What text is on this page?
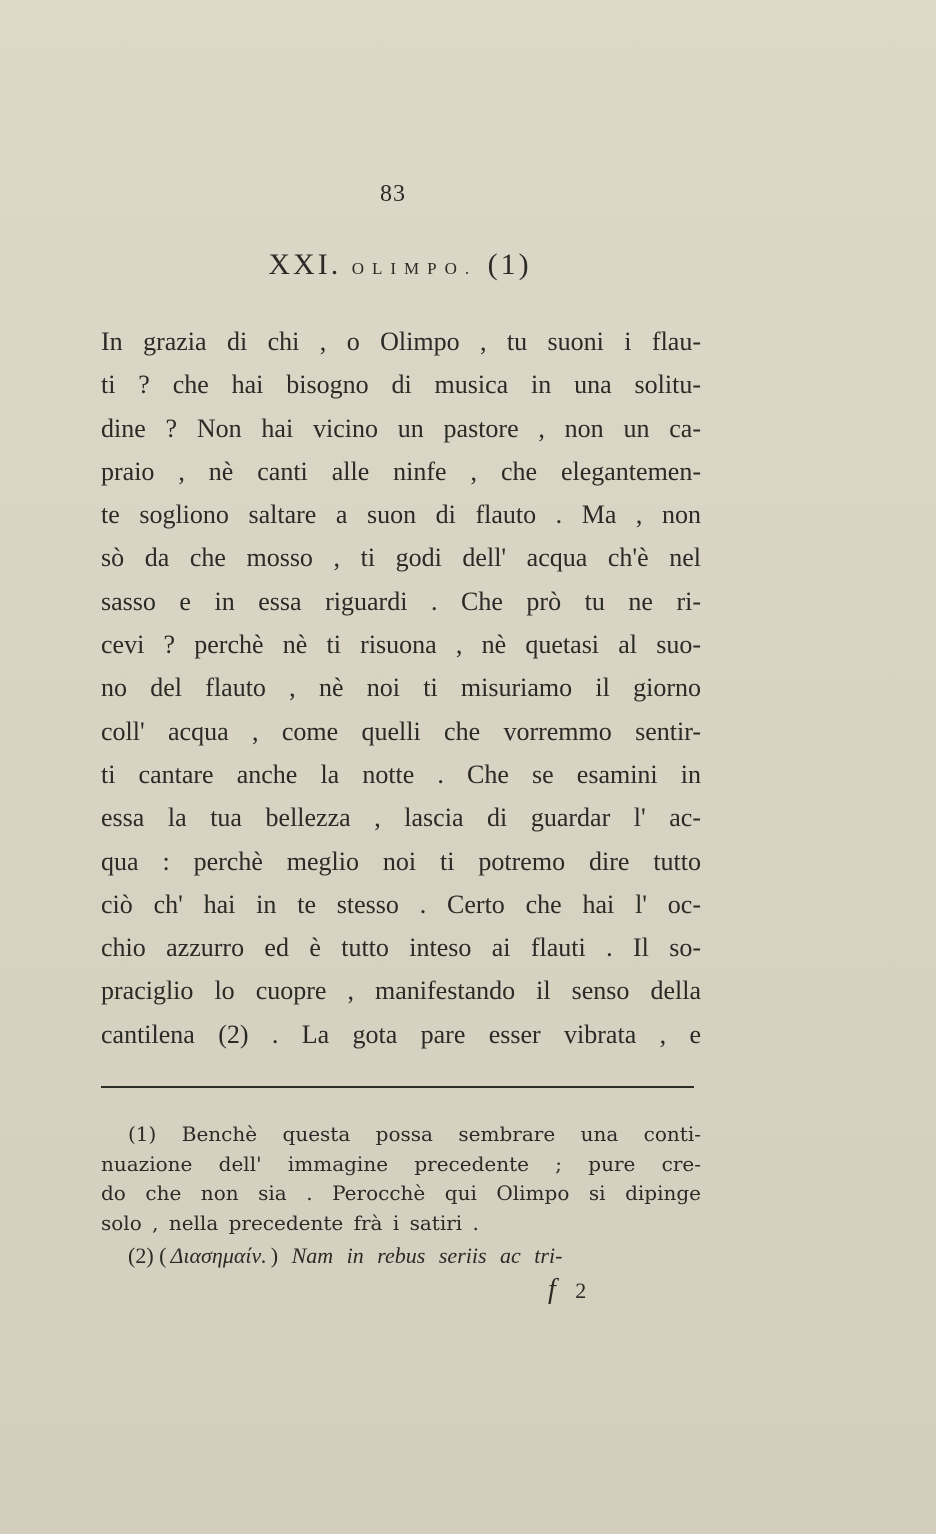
83
XXI. OLIMPO. (1)
In grazia di chi , o Olimpo , tu suoni i flau-
ti ? che hai bisogno di musica in una solitu-
dine ? Non hai vicino un pastore , non un ca-
praio , nè canti alle ninfe , che elegantemen-
te sogliono saltare a suon di flauto . Ma , non
sò da che mosso , ti godi dell' acqua ch'è nel
sasso e in essa riguardi . Che prò tu ne ri-
cevi ? perchè nè ti risuona , nè quetasi al suo-
no del flauto , nè noi ti misuriamo il giorno
coll' acqua , come quelli che vorremmo sentir-
ti cantare anche la notte . Che se esamini in
essa la tua bellezza , lascia di guardar l' ac-
qua : perchè meglio noi ti potremo dire tutto
ciò ch' hai in te stesso . Certo che hai l' oc-
chio azzurro ed è tutto inteso ai flauti . Il so-
praciglio lo cuopre , manifestando il senso della
cantilena (2) . La gota pare esser vibrata , e
(1) Benchè questa possa sembrare una conti-
nuazione dell' immagine precedente ; pure cre-
do che non sia . Perocchè qui Olimpo si dipinge
solo , nella precedente frà i satiri .
(2) ( Διασημαίν. ) Nam in rebus seriis ac tri-
f 2
